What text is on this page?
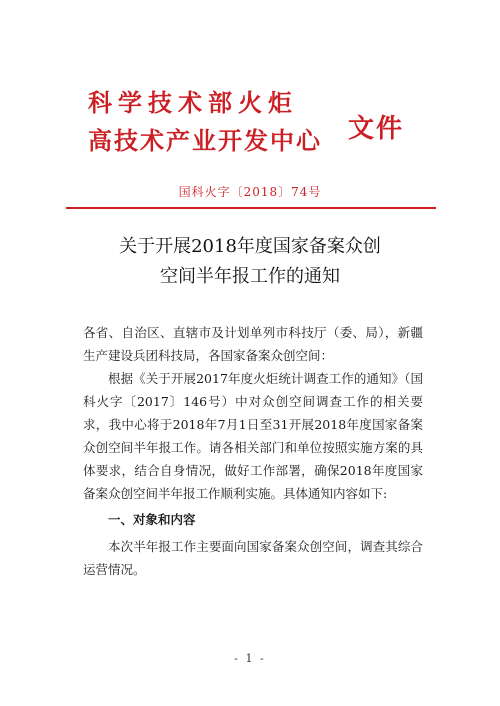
科学技术部火炬
高技术产业开发中心 文件
国科火字〔2018〕74号
关于开展2018年度国家备案众创
空间半年报工作的通知

各省、自治区、直辖市及计划单列市科技厅（委、局），新疆生产建设兵团科技局，各国家备案众创空间：

根据《关于开展2017年度火炬统计调查工作的通知》（国科火字〔2017〕146号）中对众创空间调查工作的相关要求，我中心将于2018年7月1日至31开展2018年度国家备案众创空间半年报工作。请各相关部门和单位按照实施方案的具体要求，结合自身情况，做好工作部署，确保2018年度国家备案众创空间半年报工作顺利实施。具体通知内容如下:

一、对象和内容

本次半年报工作主要面向国家备案众创空间，调查其综合运营情况。

- 1 -
